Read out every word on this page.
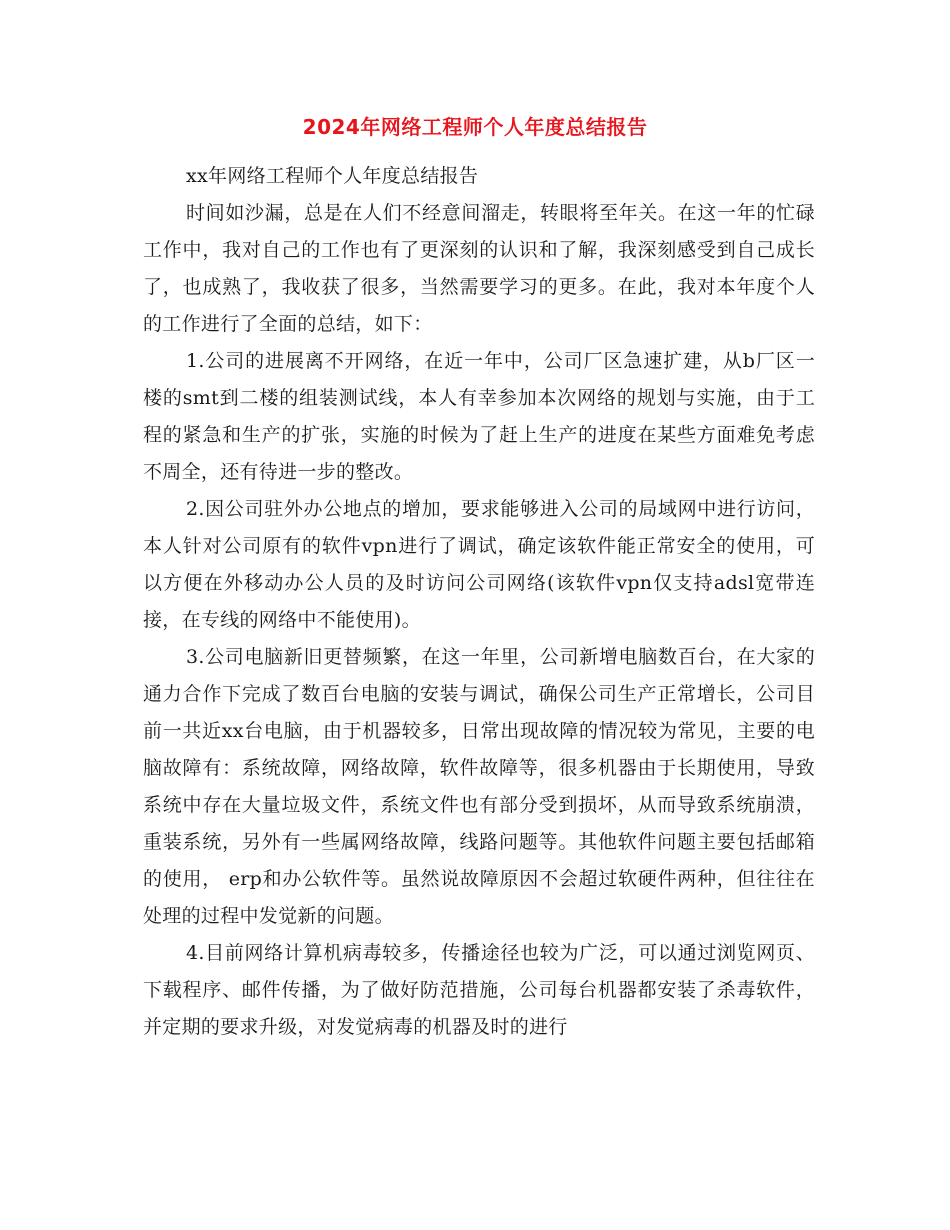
2024年网络工程师个人年度总结报告

xx年网络工程师个人年度总结报告

时间如沙漏，总是在人们不经意间溜走，转眼将至年关。在这一年的忙碌工作中，我对自己的工作也有了更深刻的认识和了解，我深刻感受到自己成长了，也成熟了，我收获了很多，当然需要学习的更多。在此，我对本年度个人的工作进行了全面的总结，如下：

1.公司的进展离不开网络，在近一年中，公司厂区急速扩建，从b厂区一楼的smt到二楼的组装测试线，本人有幸参加本次网络的规划与实施，由于工程的紧急和生产的扩张，实施的时候为了赶上生产的进度在某些方面难免考虑不周全，还有待进一步的整改。

2.因公司驻外办公地点的增加，要求能够进入公司的局域网中进行访问，本人针对公司原有的软件vpn进行了调试，确定该软件能正常安全的使用，可以方便在外移动办公人员的及时访问公司网络(该软件vpn仅支持adsl宽带连接，在专线的网络中不能使用)。

3.公司电脑新旧更替频繁，在这一年里，公司新增电脑数百台，在大家的通力合作下完成了数百台电脑的安装与调试，确保公司生产正常增长，公司目前一共近xx台电脑，由于机器较多，日常出现故障的情况较为常见，主要的电脑故障有：系统故障，网络故障，软件故障等，很多机器由于长期使用，导致系统中存在大量垃圾文件，系统文件也有部分受到损坏，从而导致系统崩溃，重装系统，另外有一些属网络故障，线路问题等。其他软件问题主要包括邮箱的使用， erp和办公软件等。虽然说故障原因不会超过软硬件两种，但往往在处理的过程中发觉新的问题。

4.目前网络计算机病毒较多，传播途径也较为广泛，可以通过浏览网页、下载程序、邮件传播，为了做好防范措施，公司每台机器都安装了杀毒软件，并定期的要求升级，对发觉病毒的机器及时的进行
